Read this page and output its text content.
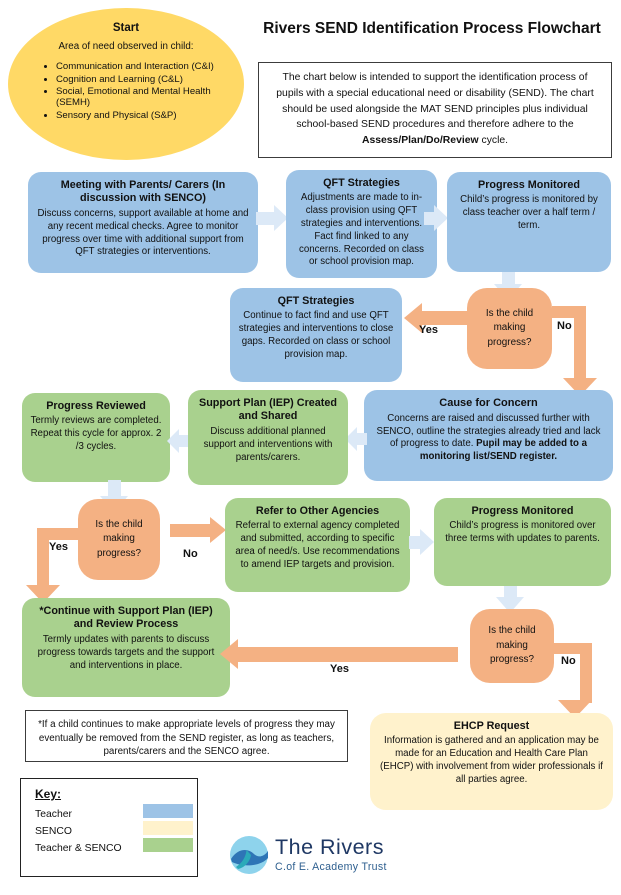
Start
Area of need observed in child:
• Communication and Interaction (C&I)
• Cognition and Learning (C&L)
• Social, Emotional and Mental Health (SEMH)
• Sensory and Physical (S&P)
Rivers SEND Identification Process Flowchart
The chart below is intended to support the identification process of pupils with a special educational need or disability (SEND). The chart should be used alongside the MAT SEND principles plus individual school-based SEND procedures and therefore adhere to the Assess/Plan/Do/Review cycle.
Meeting with Parents/ Carers (In discussion with SENCO)
Discuss concerns, support available at home and any recent medical checks. Agree to monitor progress over time with additional support from QFT strategies or interventions.
QFT Strategies
Adjustments are made to in-class provision using QFT strategies and interventions. Fact find linked to any concerns. Recorded on class or school provision map.
Progress Monitored
Child’s progress is monitored by class teacher over a half term / term.
QFT Strategies
Continue to fact find and use QFT strategies and interventions to close gaps. Recorded on class or school provision map.
Yes
Is the child making progress?
No
Cause for Concern
Concerns are raised and discussed further with SENCO, outline the strategies already tried and lack of progress to date. Pupil may be added to a monitoring list/SEND register.
Progress Reviewed
Termly reviews are completed. Repeat this cycle for approx. 2 /3 cycles.
Support Plan (IEP) Created and Shared
Discuss additional planned support and interventions with parents/carers.
Is the child making progress?
Yes
No
Refer to Other Agencies
Referral to external agency completed and submitted, according to specific area of need/s. Use recommendations to amend IEP targets and provision.
Progress Monitored
Child’s progress is monitored over three terms with updates to parents.
*Continue with Support Plan (IEP) and Review Process
Termly updates with parents to discuss progress towards targets and the support and interventions in place.	Yes
Is the child making progress?	No
*If a child continues to make appropriate levels of progress they may eventually be removed from the SEND register, as long as teachers, parents/carers and the SENCO agree.
EHCP Request
Information is gathered and an application may be made for an Education and Health Care Plan (EHCP) with involvement from wider professionals if all parties agree.
Key:
Teacher
SENCO
Teacher & SENCO	The Rivers
C.of E. Academy Trust
